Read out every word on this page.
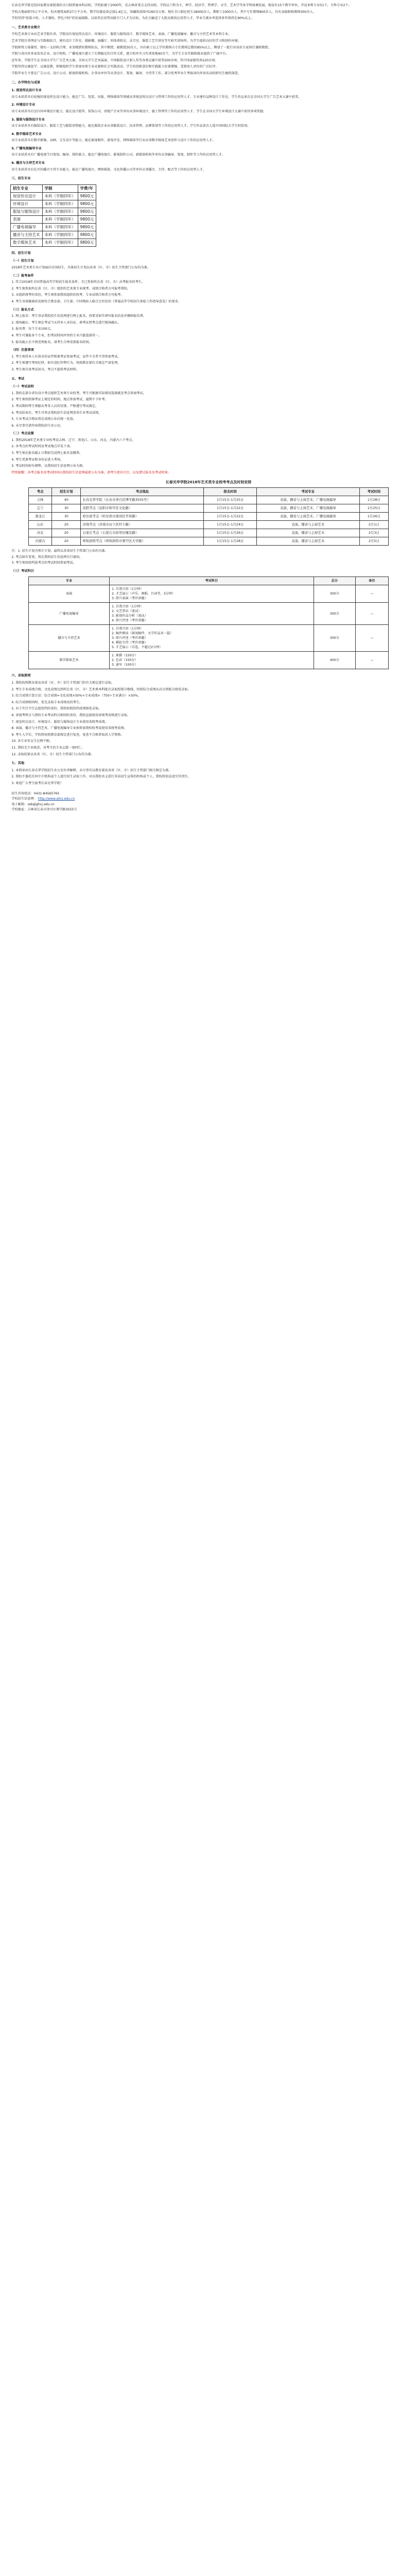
长春光华学院是经国家教育部批准的全日制普通本科高校，学校始建于2000年，是吉林省重点支持高校。学校以工科为主，理学、经济学、管理学、文学、艺术学等多学科协调发展，现设有15个教学单位，开设本科专业51个，专科专业2个。

学校占地面积75万平方米，校舍建筑面积27万平方米，教学仪器设备总值1.4亿元，馆藏纸质图书160余万册。现有全日制在校生18000余人，教职工1000余人，其中专任教师800余人，具有高级职称教师300余人。

学校坚持"质量立校、人才强校、特色兴校"的发展战略，以培养应用型高级专门人才为目标，为社会输送了大批高素质应用型人才，毕业生就业率连续多年保持在90%以上。

一、艺术类专业简介

学校艺术类专业由艺术学院负责，学院设有视觉传达设计、环境设计、服装与服饰设计、数字媒体艺术、表演、广播电视编导、播音与主持艺术等本科专业。

艺术学院注重理论与实践相结合，建有设计工作室、摄影棚、演播厅、形体训练室、录音室、服装工艺实训室等实验实训场所，为学生提供良好的学习和创作环境。

学院师资力量雄厚，拥有一支结构合理、业务精湛的教师队伍，其中教授、副教授30余人，具有硕士以上学位教师占专任教师总数的85%以上，聘请了一批行业知名专家担任兼职教授。

学院与省内外多家知名企业、设计机构、广播电视台建立了长期稳定的合作关系，建立校外实习实训基地40余个，为学生专业实践和就业提供了广阔平台。

近年来，学院学生在全国大学生广告艺术大赛、全国大学生艺术展演、中国服装设计新人奖等各类竞赛中获奖500余项，其中国家级奖项120余项。

学院坚持以赛促学、以赛促教，积极组织学生参加各类专业竞赛和社会实践活动，学生的创新意识和实践能力显著增强，受到用人单位的广泛好评。

学院毕业生主要在广告公司、设计公司、影视传媒机构、企事业单位等从事设计、策划、编导、主持等工作，部分优秀毕业生考取国内外知名高校研究生继续深造。

二、办学特色与成果

1. 视觉传达设计专业

该专业培养具有较强的视觉传达设计能力，能在广告、包装、出版、网络媒体等领域从事视觉传达设计与管理工作的应用型人才。专业建有品牌设计工作室，学生作品多次在全国大学生广告艺术大赛中获奖。

2. 环境设计专业

该专业培养具有室内外环境设计能力，能在设计院所、装饰公司、房地产企业等单位从事环境设计、施工管理等工作的应用型人才。学生在全国大学生环境设计大赛中获得多项奖励。

3. 服装与服饰设计专业

该专业培养具有服装设计、服装工艺与服装营销能力，能在服装企业从事服装设计、技术管理、品牌策划等工作的应用型人才。学生作品多次入选中国国际大学生时装周。

4. 数字媒体艺术专业

该专业培养具有数字影像、动画、交互设计等能力，能在影视制作、游戏开发、网络媒体等行业从事数字媒体艺术创作与设计工作的应用型人才。

5. 广播电视编导专业

该专业培养具有广播电视节目策划、编导、制作能力，能在广播电视台、影视制作公司、新媒体机构等单位从事编导、策划、制作等工作的应用型人才。

6. 播音与主持艺术专业

该专业培养具有扎实的播音主持专业能力，能在广播电视台、网络媒体、文化传播公司等单位从事播音、主持、配音等工作的应用型人才。

三、招生专业

招生专业	学制	学费/年
视觉传达设计	本科（学制四年）	9800元
环境设计	本科（学制四年）	9800元
服装与服饰设计	本科（学制四年）	9800元
表演	本科（学制四年）	9800元
广播电视编导	本科（学制四年）	9800元
播音与主持艺术	本科（学制四年）	9800元
数字媒体艺术	本科（学制四年）	9800元

四、招生计划

（一）招生计划

2018年艺术类专业计划面向全国招生，具体招生计划以各省（区、市）招生主管部门公布的为准。

（二）报考条件

1. 符合2018年全国普通高等学校招生报名条件，且已参加所在省（区、市）高考报名的考生。

2. 考生须参加所在省（区、市）组织的艺术类专业统考，成绩合格者方可报考我校。

3. 未组织统考的省份，考生须参加我校组织的校考，专业成绩合格者方可报考。

4. 考生身体健康状况须符合教育部、卫生部、中国残疾人联合会印发的《普通高等学校招生体检工作指导意见》的要求。

（三）报名方式

1. 网上报名：考生登录我校招生信息网进行网上报名，按要求如实填写报名信息并缴纳报名费。

2. 现场确认：考生须在考试当天持本人身份证、准考证到考点进行现场确认。

3. 报名费：每个专业100元。

4. 考生可兼报多个专业，但考试时间冲突的专业只能选择其一。

5. 报名截止后不再受理报名，请考生合理安排报名时间。

（四）注意事项

1. 考生须持本人有效身份证件和准考证参加考试，证件不全者不得参加考试。

2. 考生须遵守考场纪律，如有违纪作弊行为，按照教育部有关规定严肃处理。

3. 考生须自备考试用具，考点不提供考试材料。

五、考试

（一）考试说明

1. 我校在部分省份设立考点组织艺术类专业校考，考生可根据实际情况选择就近考点参加考试。

2. 考生须按照准考证上规定的时间、地点参加考试，逾期不予补考。

3. 考试期间考生须服从考务人员的安排，严格遵守考试规定。

4. 考试结束后，考生可登录我校招生信息网查询专业考试成绩。

5. 专业考试合格证将在成绩公布后统一发放。

6. 未尽事宜请咨询我校招生办公室。

（二）考点设置

1. 我校2018年艺术类专业校考设吉林、辽宁、黑龙江、山东、河北、内蒙古六个考点。

2. 各考点的考试时间及考试地点详见下表。

3. 考生须在报名截止日期前完成网上报名及缴费。

4. 考生凭准考证和身份证进入考场。

5. 考试时间如有调整，以我校招生信息网公布为准。

特别提醒：各考点报名及考试时间以我校招生信息网最新公布为准，请考生密切关注，以免错过报名及考试时间。

长春光华学院2018年艺术类专业校考考点及时间安排

考点	招生计划	考点地址	报名时间	考试专业	考试时间
吉林	40	长春光华学院（长春市净月区博学路3555号）	1月15日-1月25日	表演、播音与主持艺术、广播电视编导	1月28日
辽宁	30	沈阳考点（沈阳市和平区文化路）	1月15日-1月22日	表演、播音与主持艺术、广播电视编导	1月25日
黑龙江	30	哈尔滨考点（哈尔滨市南岗区学府路）	1月15日-1月22日	表演、播音与主持艺术、广播电视编导	1月26日
山东	20	济南考点（济南市历下区经十路）	1月15日-1月24日	表演、播音与主持艺术	2月1日
河北	20	石家庄考点（石家庄市裕华区槐安路）	1月15日-1月26日	表演、播音与主持艺术	2月3日
内蒙古	20	呼和浩特考点（呼和浩特市赛罕区大学路）	1月15日-1月28日	表演、播音与主持艺术	2月5日

注：1. 招生计划为预计计划，最终以各省招生主管部门公布的为准。

2. 考点如有变更，将在我校招生信息网另行通知。

3. 考生须按照所报考点的考试时间参加考试。

（三）考试科目

专业	考试科目	总分	备注
表演	1. 自我介绍（1分钟）
2. 才艺展示（声乐、舞蹈、台词等，3分钟）
3. 即兴表演（考官命题）	300分	—
广播电视编导	1. 自我介绍（1分钟）
2. 文艺常识（笔试）
3. 影视作品分析（笔试）
4. 即兴评述（考官命题）	300分	—
播音与主持艺术	1. 自我介绍（1分钟）
2. 稿件朗读（新闻稿件、文学作品各一篇）
3. 即兴评述（考官命题）
4. 模拟主持（考官命题）
5. 才艺展示（自选，不超过2分钟）	300分	—
数字媒体艺术	1. 素描（150分）
2. 色彩（150分）
3. 速写（100分）	400分	—

六、录取原则

1. 我校按照教育部及各省（区、市）招生主管部门的有关规定进行录取。

2. 考生专业成绩合格，文化成绩达到所在省（区、市）艺术类本科批次录取控制分数线，按照综合成绩从高分到低分择优录取。

3. 综合成绩计算方法：综合成绩=文化成绩×50%+专业成绩×（750÷专业满分）×50%。

4. 综合成绩相同时，优先录取专业成绩高的考生。

5. 对于实行平行志愿投档的省份，我校按照投档成绩择优录取。

6. 省统考科目与我校专业考试科目相同的省份，我校直接使用省统考成绩进行录取。

7. 视觉传达设计、环境设计、服装与服饰设计专业使用省统考成绩。

8. 表演、播音与主持艺术、广播电视编导专业须参加我校校考或使用省统考成绩。

9. 考生入学后，学校将按照教育部规定进行复查，复查不合格者取消入学资格。

10. 各专业男女生比例不限。

11. 我校无专业级差，对考生的专业志愿一视同仁。

12. 录取结果以各省（区、市）招生主管部门公布的为准。

七、其他

1. 本简章由长春光华学院招生办公室负责解释，未尽事宜以教育部及各省（区、市）招生主管部门相关规定为准。

2. 我校不委托任何中介机构或个人进行招生录取工作，对以我校名义进行非法招生宣传的机构或个人，我校将依法追究其责任。

3. 欢迎广大考生报考长春光华学院！

招生咨询电话：0431-84565765

学校招生信息网： http://www.ghcj.edu.cn

电子邮箱：zsb@ghcj.edu.cn

学校地址：吉林省长春市净月区博学路3555号
